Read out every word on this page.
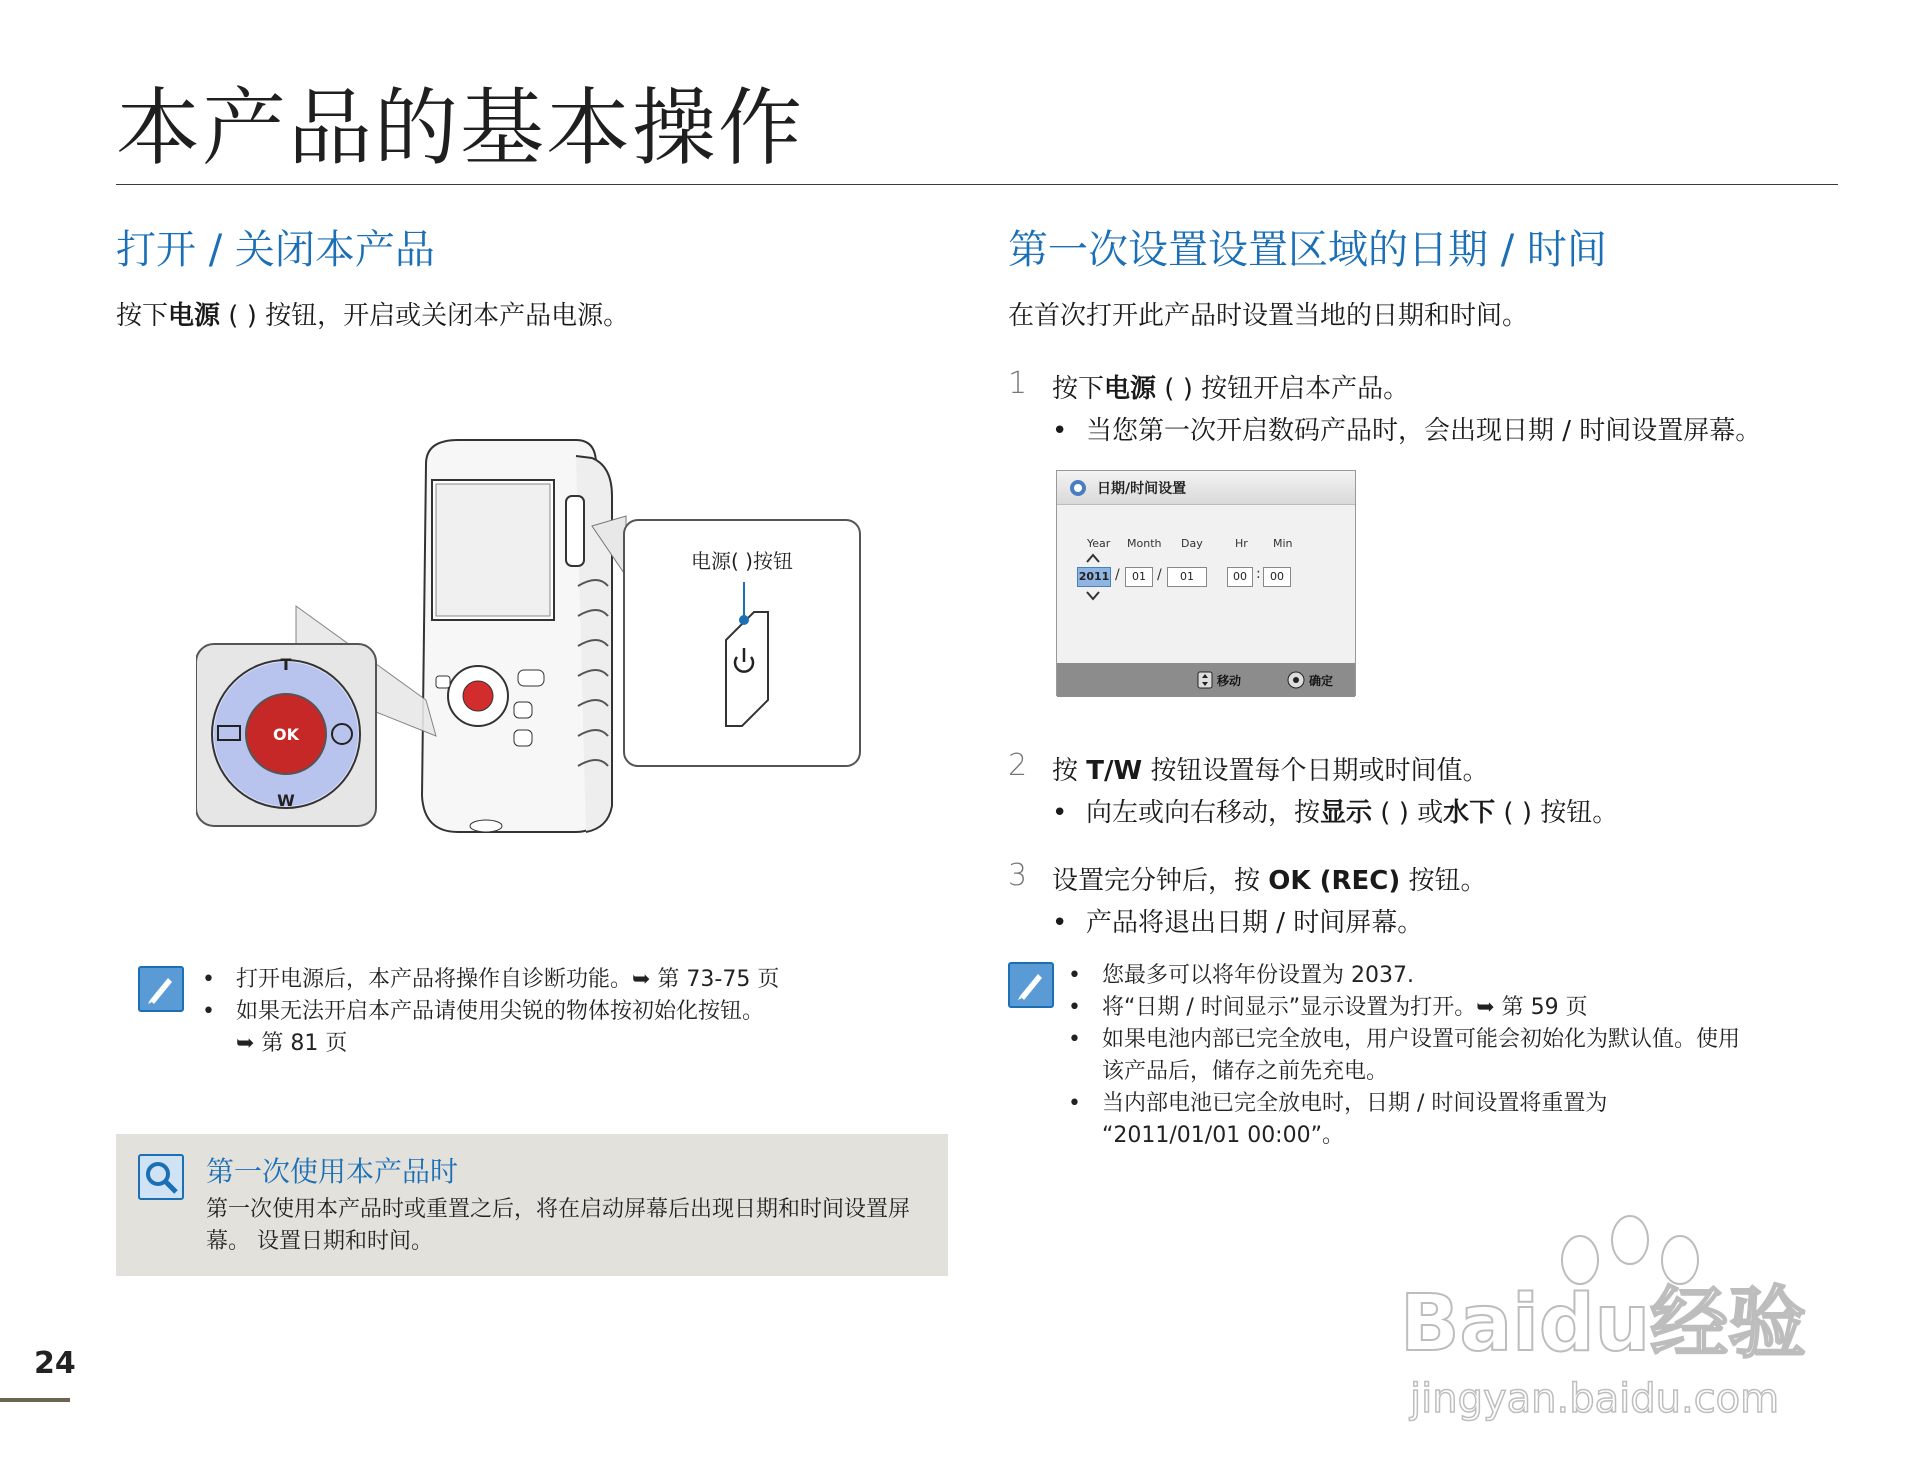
本产品的基本操作
打开 / 关闭本产品
按下电源 ( ) 按钮，开启或关闭本产品电源。
T
W
OK
电源( )按钮
• 打开电源后，本产品将操作自诊断功能。➥ 第 73-75 页
• 如果无法开启本产品请使用尖锐的物体按初始化按钮。
➥ 第 81 页
第一次使用本产品时
第一次使用本产品时或重置之后，将在启动屏幕后出现日期和时间设置屏幕。 设置日期和时间。
第一次设置设置区域的日期 / 时间
在首次打开此产品时设置当地的日期和时间。
1 按下电源 ( ) 按钮开启本产品。
• 当您第一次开启数码产品时，会出现日期 / 时间设置屏幕。
日期/时间设置
Year Month Day	Hr Min
2011 /	01 /	01	00 : 00
移动	确定
2 按 T/W 按钮设置每个日期或时间值。
• 向左或向右移动，按显示 ( ) 或水下 ( ) 按钮。
3 设置完分钟后，按 OK (REC) 按钮。
• 产品将退出日期 / 时间屏幕。
• 您最多可以将年份设置为 2037.
• 将“日期 / 时间显示”显示设置为打开。➥ 第 59 页
• 如果电池内部已完全放电，用户设置可能会初始化为默认值。使用
该产品后，储存之前先充电。
• 当内部电池已完全放电时，日期 / 时间设置将重置为
“2011/01/01 00:00”。
24	Baidu经验
jingyan.baidu.com
